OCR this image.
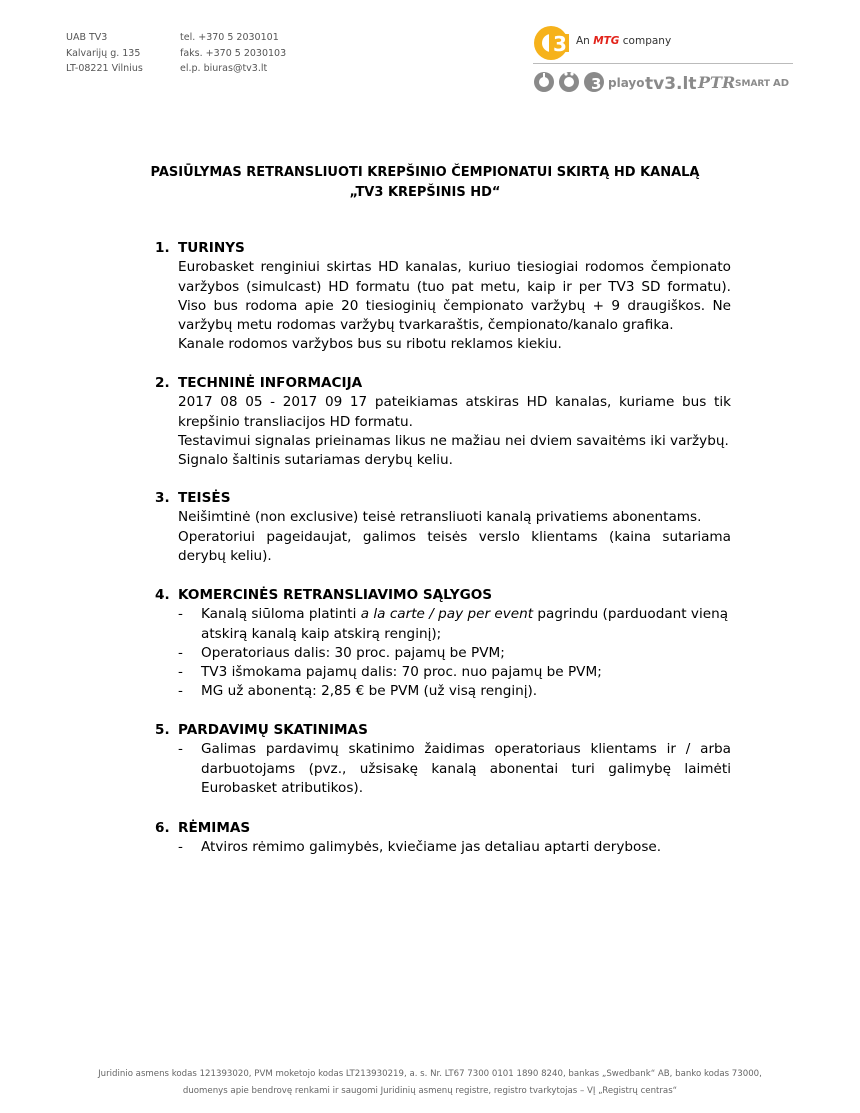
UAB TV3
Kalvarijų g. 135
LT-08221 Vilnius
tel. +370 5 2030101
faks. +370 5 2030103
el.p. biuras@tv3.lt
3 An MTG company
3 playo tv3.lt PTR SMART AD
PASIŪLYMAS RETRANSLIUOTI KREPŠINIO ČEMPIONATUI SKIRTĄ HD KANALĄ
„TV3 KREPŠINIS HD“
1. TURINYS
Eurobasket renginiui skirtas HD kanalas, kuriuo tiesiogiai rodomos čempionato varžybos (simulcast) HD formatu (tuo pat metu, kaip ir per TV3 SD formatu). Viso bus rodoma apie 20 tiesioginių čempionato varžybų + 9 draugiškos. Ne varžybų metu rodomas varžybų tvarkaraštis, čempionato/kanalo grafika.
Kanale rodomos varžybos bus su ribotu reklamos kiekiu.
2. TECHNINĖ INFORMACIJA
2017 08 05 - 2017 09 17 pateikiamas atskiras HD kanalas, kuriame bus tik krepšinio transliacijos HD formatu.
Testavimui signalas prieinamas likus ne mažiau nei dviem savaitėms iki varžybų.
Signalo šaltinis sutariamas derybų keliu.
3. TEISĖS
Neišimtinė (non exclusive) teisė retransliuoti kanalą privatiems abonentams.
Operatoriui pageidaujat, galimos teisės verslo klientams (kaina sutariama derybų keliu).
4. KOMERCINĖS RETRANSLIAVIMO SĄLYGOS
- Kanalą siūloma platinti a la carte / pay per event pagrindu (parduodant vieną atskirą kanalą kaip atskirą renginį);
- Operatoriaus dalis: 30 proc. pajamų be PVM;
- TV3 išmokama pajamų dalis: 70 proc. nuo pajamų be PVM;
- MG už abonentą: 2,85 € be PVM (už visą renginį).
5. PARDAVIMŲ SKATINIMAS
- Galimas pardavimų skatinimo žaidimas operatoriaus klientams ir / arba darbuotojams (pvz., užsisakę kanalą abonentai turi galimybę laimėti Eurobasket atributikos).
6. RĖMIMAS
- Atviros rėmimo galimybės, kviečiame jas detaliau aptarti derybose.
Juridinio asmens kodas 121393020, PVM moketojo kodas LT213930219, a. s. Nr. LT67 7300 0101 1890 8240, bankas „Swedbank“ AB, banko kodas 73000,
duomenys apie bendrovę renkami ir saugomi Juridinių asmenų registre, registro tvarkytojas – VĮ „Registrų centras“
